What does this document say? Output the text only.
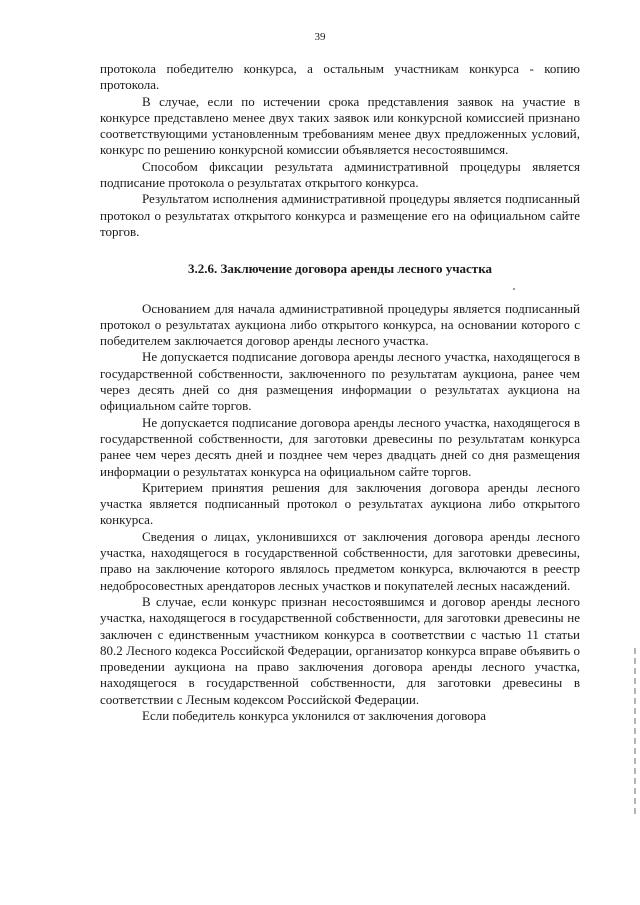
39

протокола победителю конкурса, а остальным участникам конкурса - копию протокола.

В случае, если по истечении срока представления заявок на участие в конкурсе представлено менее двух таких заявок или конкурсной комиссией признано соответствующими установленным требованиям менее двух предложенных условий, конкурс по решению конкурсной комиссии объявляется несостоявшимся.

Способом фиксации результата административной процедуры является подписание протокола о результатах открытого конкурса.

Результатом исполнения административной процедуры является подписанный протокол о результатах открытого конкурса и размещение его на официальном сайте торгов.

3.2.6. Заключение договора аренды лесного участка

Основанием для начала административной процедуры является подписанный протокол о результатах аукциона либо открытого конкурса, на основании которого с победителем заключается договор аренды лесного участка.

Не допускается подписание договора аренды лесного участка, находящегося в государственной собственности, заключенного по результатам аукциона, ранее чем через десять дней со дня размещения информации о результатах аукциона на официальном сайте торгов.

Не допускается подписание договора аренды лесного участка, находящегося в государственной собственности, для заготовки древесины по результатам конкурса ранее чем через десять дней и позднее чем через двадцать дней со дня размещения информации о результатах конкурса на официальном сайте торгов.

Критерием принятия решения для заключения договора аренды лесного участка является подписанный протокол о результатах аукциона либо открытого конкурса.

Сведения о лицах, уклонившихся от заключения договора аренды лесного участка, находящегося в государственной собственности, для заготовки древесины, право на заключение которого являлось предметом конкурса, включаются в реестр недобросовестных арендаторов лесных участков и покупателей лесных насаждений.

В случае, если конкурс признан несостоявшимся и договор аренды лесного участка, находящегося в государственной собственности, для заготовки древесины не заключен с единственным участником конкурса в соответствии с частью 11 статьи 80.2 Лесного кодекса Российской Федерации, организатор конкурса вправе объявить о проведении аукциона на право заключения договора аренды лесного участка, находящегося в государственной собственности, для заготовки древесины в соответствии с Лесным кодексом Российской Федерации.

Если победитель конкурса уклонился от заключения договора
